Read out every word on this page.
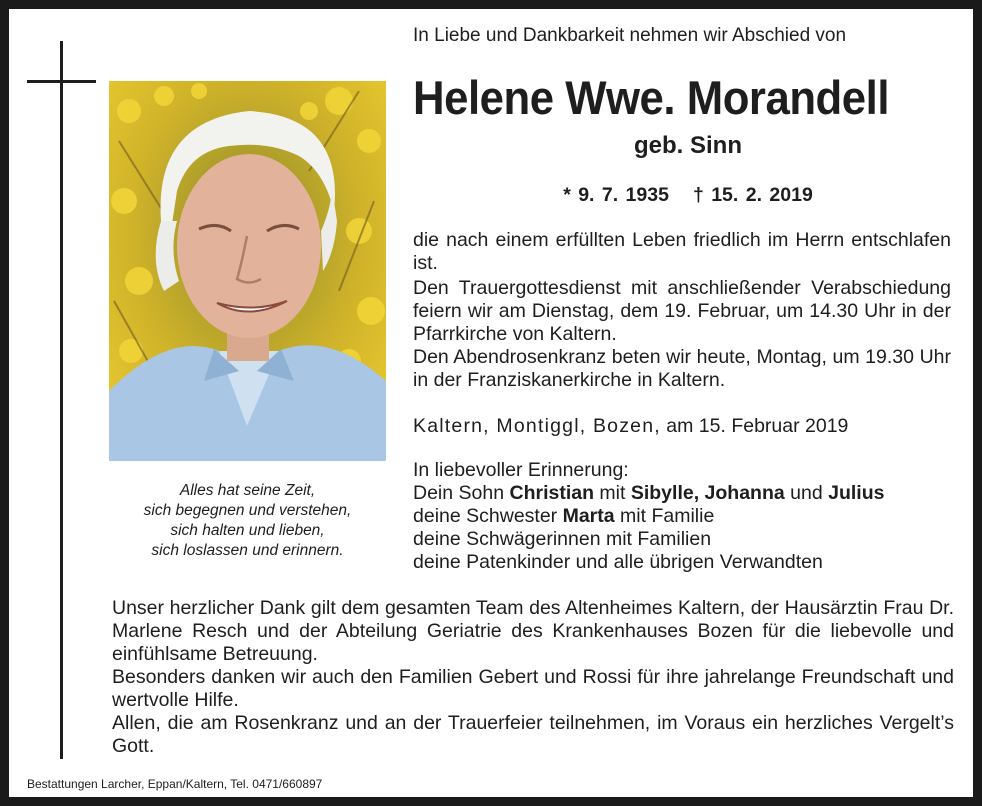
Alles hat seine Zeit,
sich begegnen und verstehen,
sich halten und lieben,
sich loslassen und erinnern.
In Liebe und Dankbarkeit nehmen wir Abschied von
Helene Wwe. Morandell
geb. Sinn
* 9. 7. 1935 † 15. 2. 2019
die nach einem erfüllten Leben friedlich im Herrn entschlafen ist.
Den Trauergottesdienst mit anschließender Verabschiedung feiern wir am Dienstag, dem 19. Februar, um 14.30 Uhr in der Pfarrkirche von Kaltern.
Den Abendrosenkranz beten wir heute, Montag, um 19.30 Uhr in der Franziskanerkirche in Kaltern.
Kaltern, Montiggl, Bozen, am 15. Februar 2019
In liebevoller Erinnerung:
Dein Sohn Christian mit Sibylle, Johanna und Julius
deine Schwester Marta mit Familie
deine Schwägerinnen mit Familien
deine Patenkinder und alle übrigen Verwandten
Unser herzlicher Dank gilt dem gesamten Team des Altenheimes Kaltern, der Hausärztin Frau Dr. Marlene Resch und der Abteilung Geriatrie des Krankenhauses Bozen für die liebevolle und einfühlsame Betreuung.
Besonders danken wir auch den Familien Gebert und Rossi für ihre jahrelange Freundschaft und wertvolle Hilfe.
Allen, die am Rosenkranz und an der Trauerfeier teilnehmen, im Voraus ein herzliches Vergelt’s Gott.
Bestattungen Larcher, Eppan/Kaltern, Tel. 0471/660897
